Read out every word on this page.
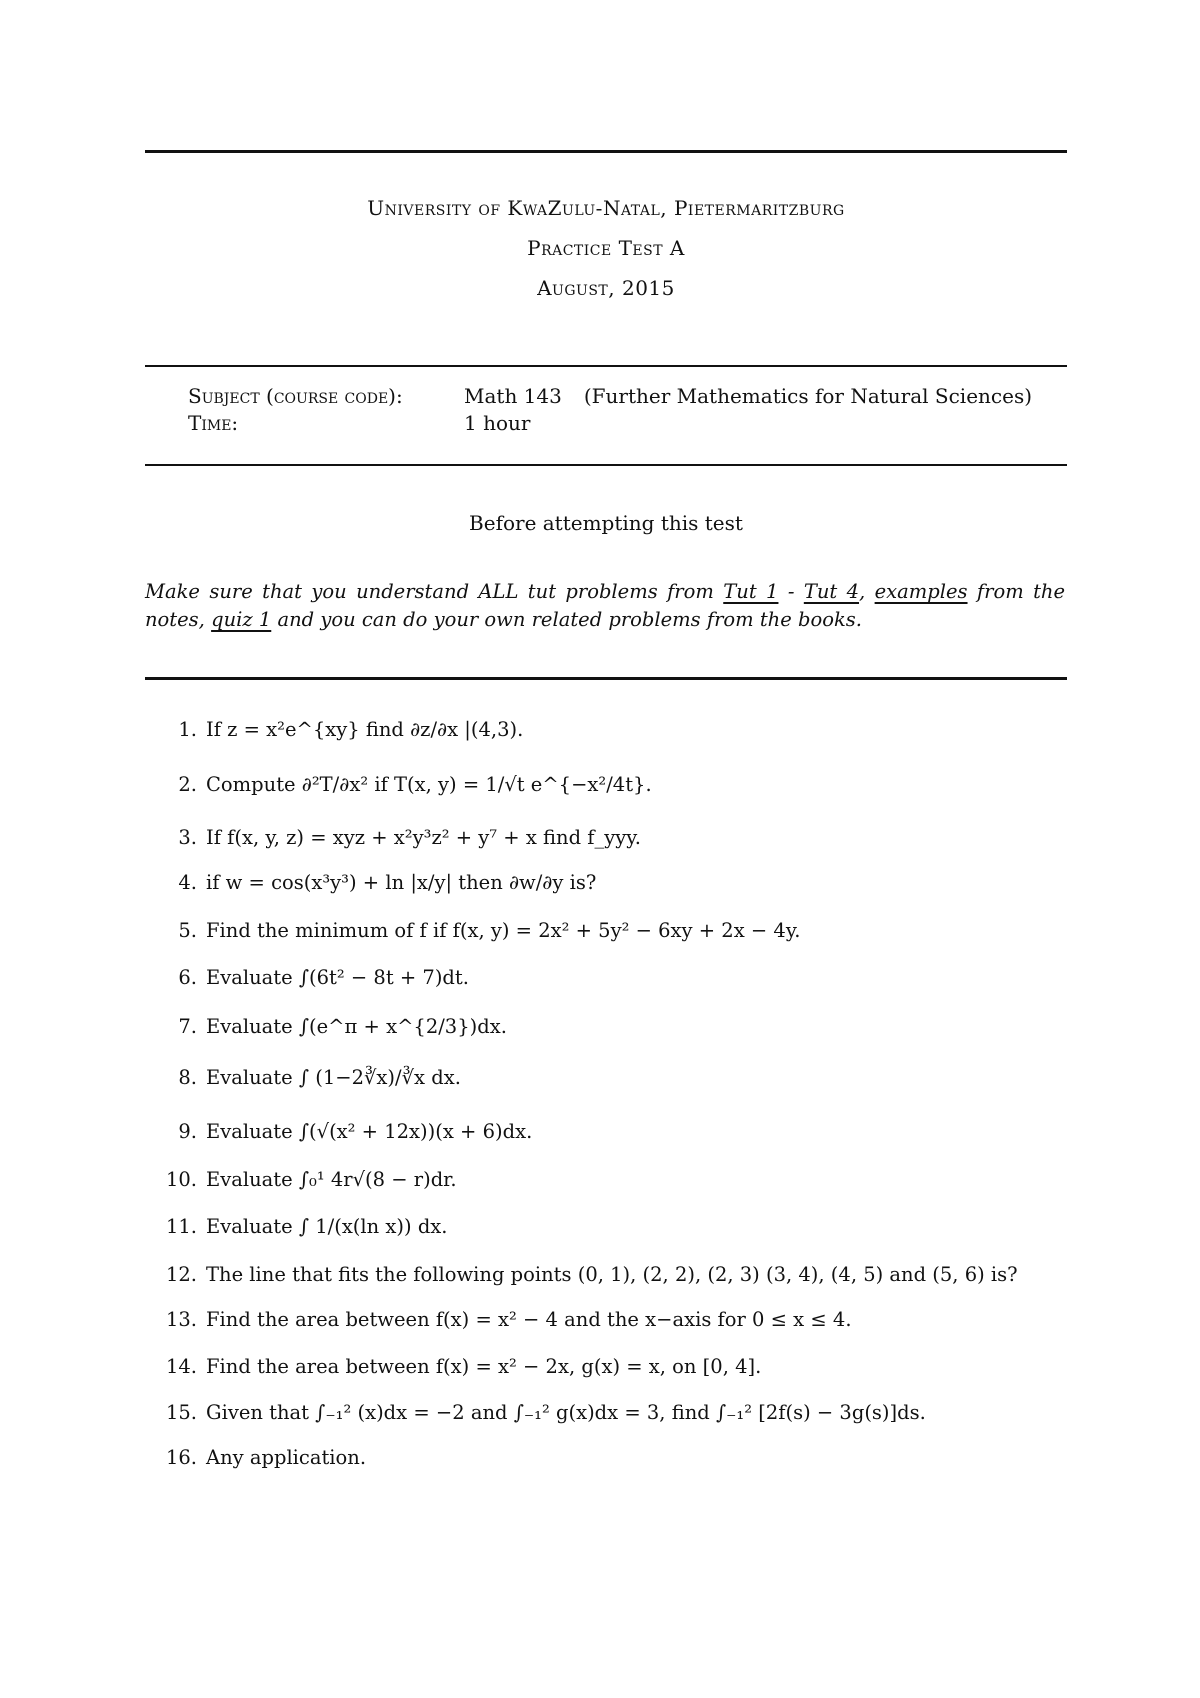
University of KwaZulu-Natal, Pietermaritzburg
Practice Test A
August, 2015
Subject (course code):	Math 143 (Further Mathematics for Natural Sciences)
Time:	1 hour
Before attempting this test
Make sure that you understand ALL tut problems from Tut 1 - Tut 4, examples from the notes, quiz 1 and you can do your own related problems from the books.
1. If z = x²e^{xy} find ∂z/∂x |(4,3).
2. Compute ∂²T/∂x² if T(x, y) = 1/√t e^{−x²/4t}.
3. If f(x, y, z) = xyz + x²y³z² + y⁷ + x find f_yyy.
4. if w = cos(x³y³) + ln |x/y| then ∂w/∂y is?
5. Find the minimum of f if f(x, y) = 2x² + 5y² − 6xy + 2x − 4y.
6. Evaluate ∫(6t² − 8t + 7)dt.
7. Evaluate ∫(e^π + x^{2/3})dx.
8. Evaluate ∫ (1−2∛x)/∛x dx.
9. Evaluate ∫(√(x² + 12x))(x + 6)dx.
10. Evaluate ∫₀¹ 4r√(8 − r)dr.
11. Evaluate ∫ 1/(x(ln x)) dx.
12. The line that fits the following points (0, 1), (2, 2), (2, 3) (3, 4), (4, 5) and (5, 6) is?
13. Find the area between f(x) = x² − 4 and the x−axis for 0 ≤ x ≤ 4.
14. Find the area between f(x) = x² − 2x, g(x) = x, on [0, 4].
15. Given that ∫₋₁² (x)dx = −2 and ∫₋₁² g(x)dx = 3, find ∫₋₁² [2f(s) − 3g(s)]ds.
16. Any application.
